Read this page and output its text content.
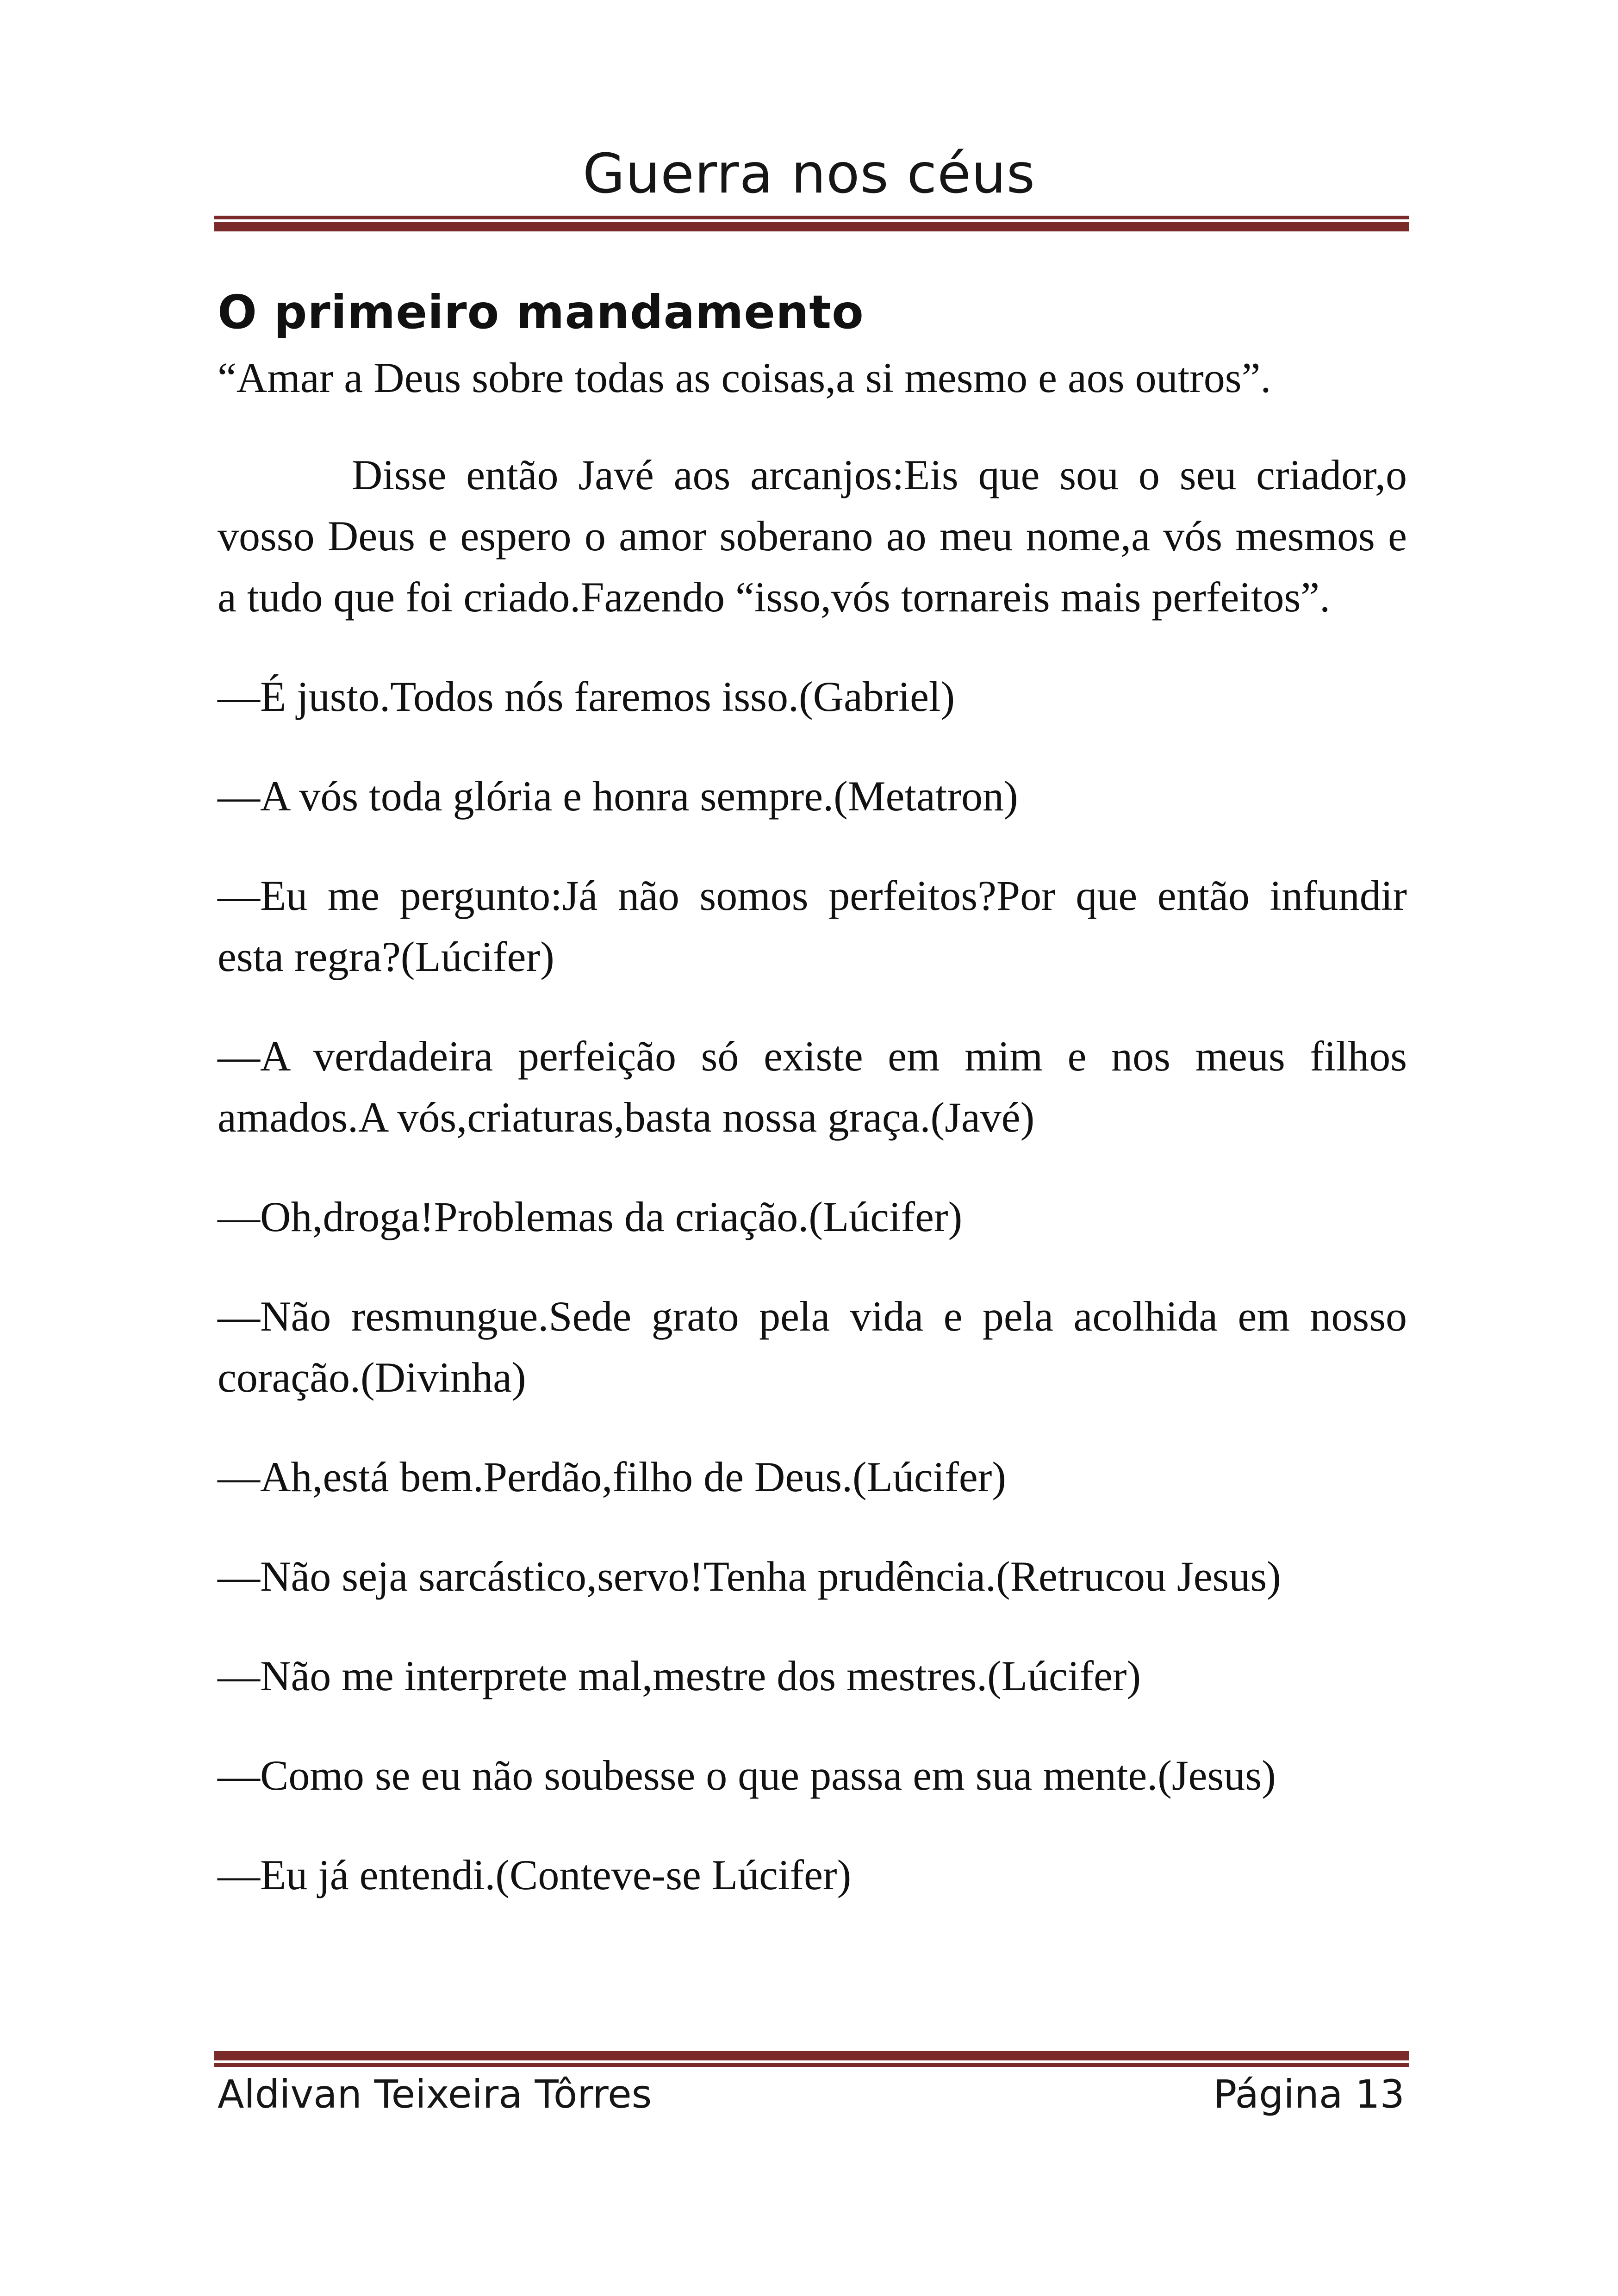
Guerra nos céus
O primeiro mandamento

“Amar a Deus sobre todas as coisas,a si mesmo e aos outros”.

Disse então Javé aos arcanjos:Eis que sou o seu criador,o vosso Deus e espero o amor soberano ao meu nome,a vós mesmos e a tudo que foi criado.Fazendo “isso,vós tornareis mais perfeitos”.

—É justo.Todos nós faremos isso.(Gabriel)

—A vós toda glória e honra sempre.(Metatron)

—Eu me pergunto:Já não somos perfeitos?Por que então infundir esta regra?(Lúcifer)

—A verdadeira perfeição só existe em mim e nos meus filhos amados.A vós,criaturas,basta nossa graça.(Javé)

—Oh,droga!Problemas da criação.(Lúcifer)

—Não resmungue.Sede grato pela vida e pela acolhida em nosso coração.(Divinha)

—Ah,está bem.Perdão,filho de Deus.(Lúcifer)

—Não seja sarcástico,servo!Tenha prudência.(Retrucou Jesus)

—Não me interprete mal,mestre dos mestres.(Lúcifer)

—Como se eu não soubesse o que passa em sua mente.(Jesus)

—Eu já entendi.(Conteve-se Lúcifer)

Aldivan Teixeira Tôrres	Página 13
